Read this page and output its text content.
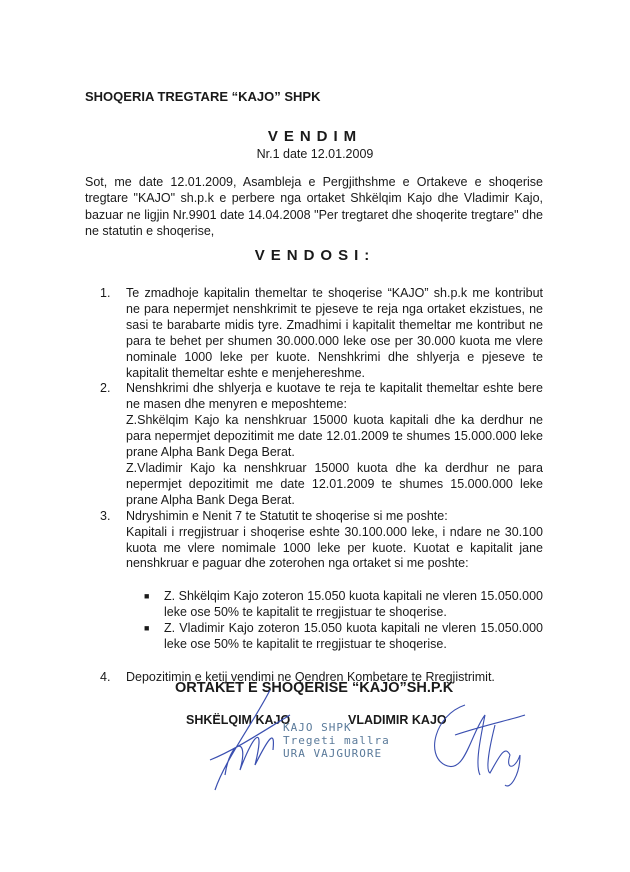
SHOQERIA TREGTARE “KAJO” SHPK
VENDIM
Nr.1 date 12.01.2009
Sot, me date 12.01.2009, Asambleja e Pergjithshme e Ortakeve e shoqerise tregtare "KAJO" sh.p.k e perbere nga ortaket Shkëlqim Kajo dhe Vladimir Kajo, bazuar ne ligjin Nr.9901 date 14.04.2008 "Per tregtaret dhe shoqerite tregtare" dhe ne statutin e shoqerise,
VENDOSI:
1.	Te zmadhoje kapitalin themeltar te shoqerise “KAJO” sh.p.k me kontribut ne para nepermjet nenshkrimit te pjeseve te reja nga ortaket ekzistues, ne sasi te barabarte midis tyre. Zmadhimi i kapitalit themeltar me kontribut ne para te behet per shumen 30.000.000 leke ose per 30.000 kuota me vlere nominale 1000 leke per kuote. Nenshkrimi dhe shlyerja e pjeseve te kapitalit themeltar eshte e menjehereshme.

2.	Nenshkrimi dhe shlyerja e kuotave te reja te kapitalit themeltar eshte bere ne masen dhe menyren e meposhteme:

Z.Shkëlqim Kajo ka nenshkruar 15000 kuota kapitali dhe ka derdhur ne para nepermjet depozitimit me date 12.01.2009 te shumes 15.000.000 leke prane Alpha Bank Dega Berat.

Z.Vladimir Kajo ka nenshkruar 15000 kuota dhe ka derdhur ne para nepermjet depozitimit me date 12.01.2009 te shumes 15.000.000 leke prane Alpha Bank Dega Berat.

3.	Ndryshimin e Nenit 7 te Statutit te shoqerise si me poshte:

Kapitali i rregjistruar i shoqerise eshte 30.100.000 leke, i ndare ne 30.100 kuota me vlere nomimale 1000 leke per kuote. Kuotat e kapitalit jane nenshkruar e paguar dhe zoterohen nga ortaket si me poshte:

■	Z. Shkëlqim Kajo zoteron 15.050 kuota kapitali ne vleren 15.050.000 leke ose 50% te kapitalit te rregjistuar te shoqerise.
■	Z. Vladimir Kajo zoteron 15.050 kuota kapitali ne vleren 15.050.000 leke ose 50% te kapitalit te rregjistuar te shoqerise.
4.	Depozitimin e ketij vendimi ne Qendren Kombetare te Rregjistrimit.

ORTAKET E SHOQERISE “KAJO”SH.P.K
SHKËLQIM KAJO	VLADIMIR KAJO
KAJO SHPK
Tregeti mallra
URA VAJGURORE
